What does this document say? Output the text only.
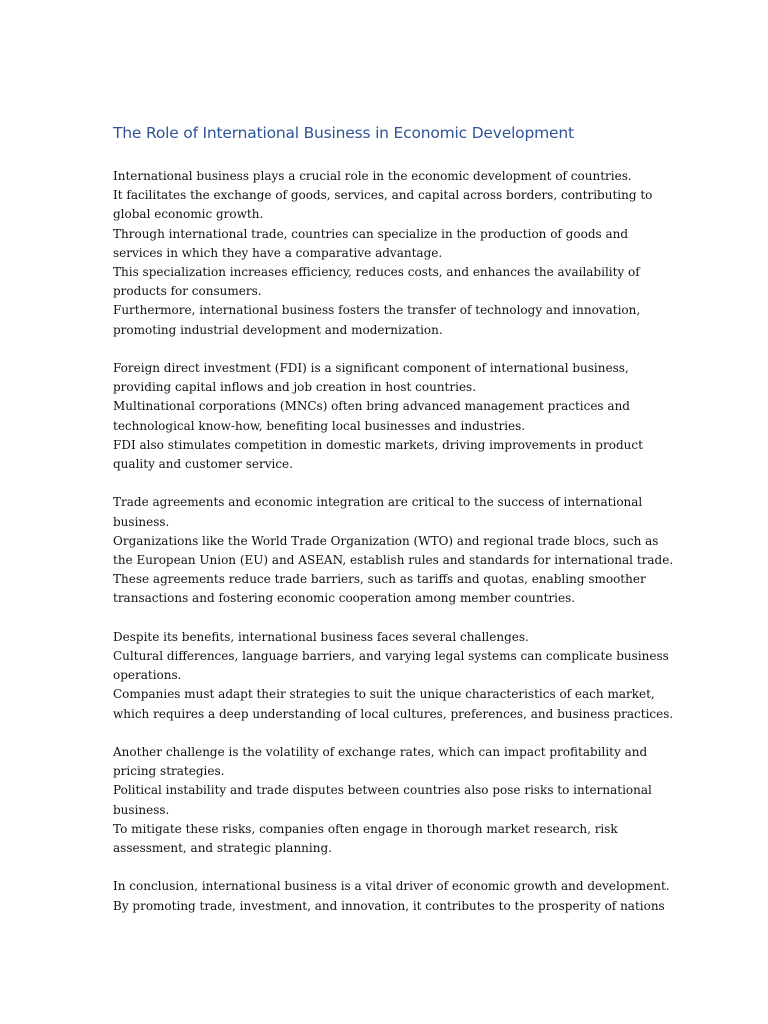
The Role of International Business in Economic Development

International business plays a crucial role in the economic development of countries.
It facilitates the exchange of goods, services, and capital across borders, contributing to
global economic growth.
Through international trade, countries can specialize in the production of goods and
services in which they have a comparative advantage.
This specialization increases efficiency, reduces costs, and enhances the availability of
products for consumers.
Furthermore, international business fosters the transfer of technology and innovation,
promoting industrial development and modernization.

Foreign direct investment (FDI) is a significant component of international business,
providing capital inflows and job creation in host countries.
Multinational corporations (MNCs) often bring advanced management practices and
technological know-how, benefiting local businesses and industries.
FDI also stimulates competition in domestic markets, driving improvements in product
quality and customer service.

Trade agreements and economic integration are critical to the success of international
business.
Organizations like the World Trade Organization (WTO) and regional trade blocs, such as
the European Union (EU) and ASEAN, establish rules and standards for international trade.
These agreements reduce trade barriers, such as tariffs and quotas, enabling smoother
transactions and fostering economic cooperation among member countries.

Despite its benefits, international business faces several challenges.
Cultural differences, language barriers, and varying legal systems can complicate business
operations.
Companies must adapt their strategies to suit the unique characteristics of each market,
which requires a deep understanding of local cultures, preferences, and business practices.

Another challenge is the volatility of exchange rates, which can impact profitability and
pricing strategies.
Political instability and trade disputes between countries also pose risks to international
business.
To mitigate these risks, companies often engage in thorough market research, risk
assessment, and strategic planning.

In conclusion, international business is a vital driver of economic growth and development.
By promoting trade, investment, and innovation, it contributes to the prosperity of nations
